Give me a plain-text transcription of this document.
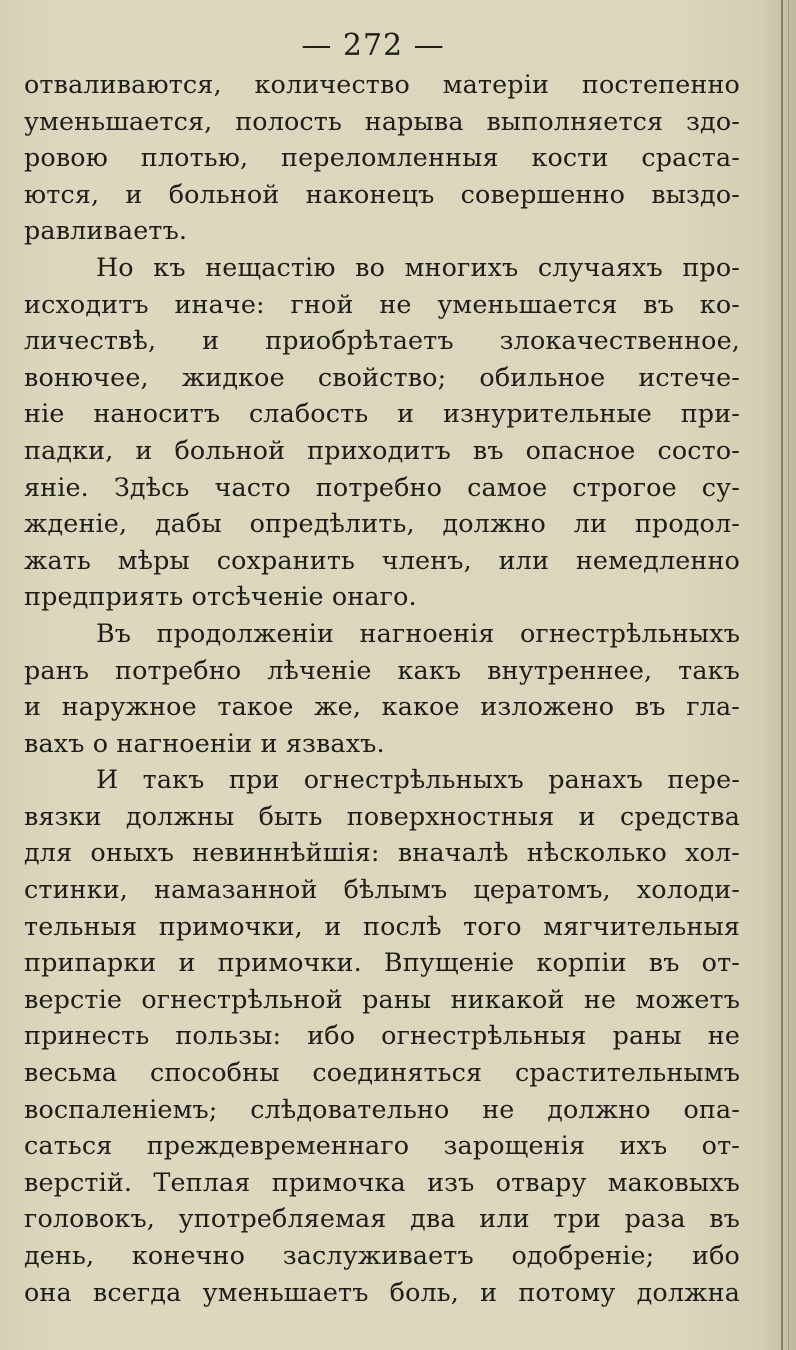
— 272 —
отваливаются, количество матеріи постепенно
уменьшается, полость нарыва выполняется здо-
ровою плотью, переломленныя кости сраста-
ются, и больной наконецъ совершенно выздо-
равливаетъ.
Но къ нещастію во многихъ случаяхъ про-
исходитъ иначе: гной не уменьшается въ ко-
личествѣ, и приобрѣтаетъ злокачественное,
вонючее, жидкое свойство; обильное истече-
ніе наноситъ слабость и изнурительные при-
падки, и больной приходитъ въ опасное состо-
яніе. Здѣсь часто потребно самое строгое су-
жденіе, дабы опредѣлить, должно ли продол-
жать мѣры сохранить членъ, или немедленно
предприять отсѣченіе онаго.
Въ продолженіи нагноенія огнестрѣльныхъ
ранъ потребно лѣченіе какъ внутреннее, такъ
и наружное такое же, какое изложено въ гла-
вахъ о нагноеніи и язвахъ.
И такъ при огнестрѣльныхъ ранахъ пере-
вязки должны быть поверхностныя и средства
для оныхъ невиннѣйшія: вначалѣ нѣсколько хол-
стинки, намазанной бѣлымъ цератомъ, холоди-
тельныя примочки, и послѣ того мягчительныя
припарки и примочки. Впущеніе корпіи въ от-
верстіе огнестрѣльной раны никакой не можетъ
принесть пользы: ибо огнестрѣльныя раны не
весьма способны соединяться срастительнымъ
воспаленіемъ; слѣдовательно не должно опа-
саться преждевременнаго зарощенія ихъ от-
верстій. Теплая примочка изъ отвару маковыхъ
головокъ, употребляемая два или три раза въ
день, конечно заслуживаетъ одобреніе; ибо
она всегда уменьшаетъ боль, и потому должна
